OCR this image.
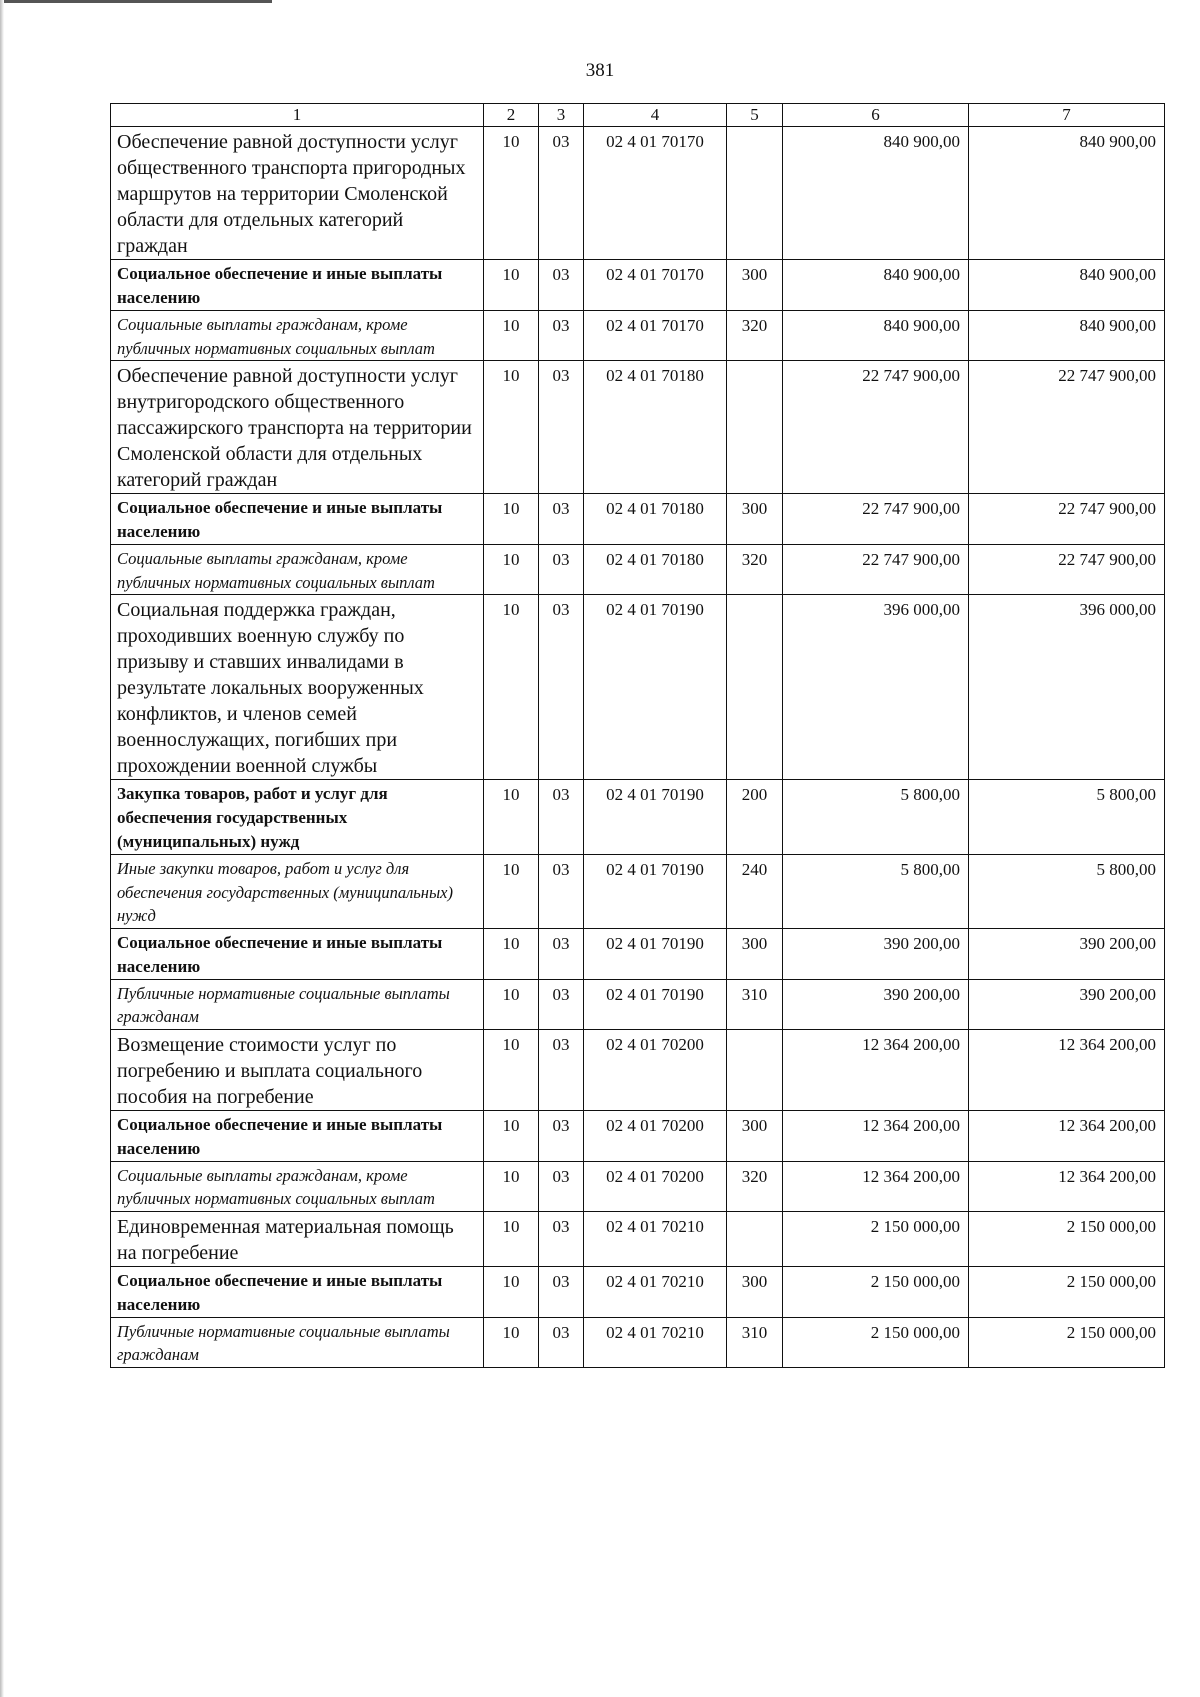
381
1	2	3	4	5	6	7
Обеспечение равной доступности услуг общественного транспорта пригородных маршрутов на территории Смоленской области для отдельных категорий граждан	10	03	02 4 01 70170		840 900,00	840 900,00
Социальное обеспечение и иные выплаты населению	10	03	02 4 01 70170	300	840 900,00	840 900,00
Социальные выплаты гражданам, кроме публичных нормативных социальных выплат	10	03	02 4 01 70170	320	840 900,00	840 900,00
Обеспечение равной доступности услуг внутригородского общественного пассажирского транспорта на территории Смоленской области для отдельных категорий граждан	10	03	02 4 01 70180		22 747 900,00	22 747 900,00
Социальное обеспечение и иные выплаты населению	10	03	02 4 01 70180	300	22 747 900,00	22 747 900,00
Социальные выплаты гражданам, кроме публичных нормативных социальных выплат	10	03	02 4 01 70180	320	22 747 900,00	22 747 900,00
Социальная поддержка граждан, проходивших военную службу по призыву и ставших инвалидами в результате локальных вооруженных конфликтов, и членов семей военнослужащих, погибших при прохождении военной службы	10	03	02 4 01 70190		396 000,00	396 000,00
Закупка товаров, работ и услуг для обеспечения государственных (муниципальных) нужд	10	03	02 4 01 70190	200	5 800,00	5 800,00
Иные закупки товаров, работ и услуг для обеспечения государственных (муниципальных) нужд	10	03	02 4 01 70190	240	5 800,00	5 800,00
Социальное обеспечение и иные выплаты населению	10	03	02 4 01 70190	300	390 200,00	390 200,00
Публичные нормативные социальные выплаты гражданам	10	03	02 4 01 70190	310	390 200,00	390 200,00
Возмещение стоимости услуг по погребению и выплата социального пособия на погребение	10	03	02 4 01 70200		12 364 200,00	12 364 200,00
Социальное обеспечение и иные выплаты населению	10	03	02 4 01 70200	300	12 364 200,00	12 364 200,00
Социальные выплаты гражданам, кроме публичных нормативных социальных выплат	10	03	02 4 01 70200	320	12 364 200,00	12 364 200,00
Единовременная материальная помощь на погребение	10	03	02 4 01 70210		2 150 000,00	2 150 000,00
Социальное обеспечение и иные выплаты населению	10	03	02 4 01 70210	300	2 150 000,00	2 150 000,00
Публичные нормативные социальные выплаты гражданам	10	03	02 4 01 70210	310	2 150 000,00	2 150 000,00
